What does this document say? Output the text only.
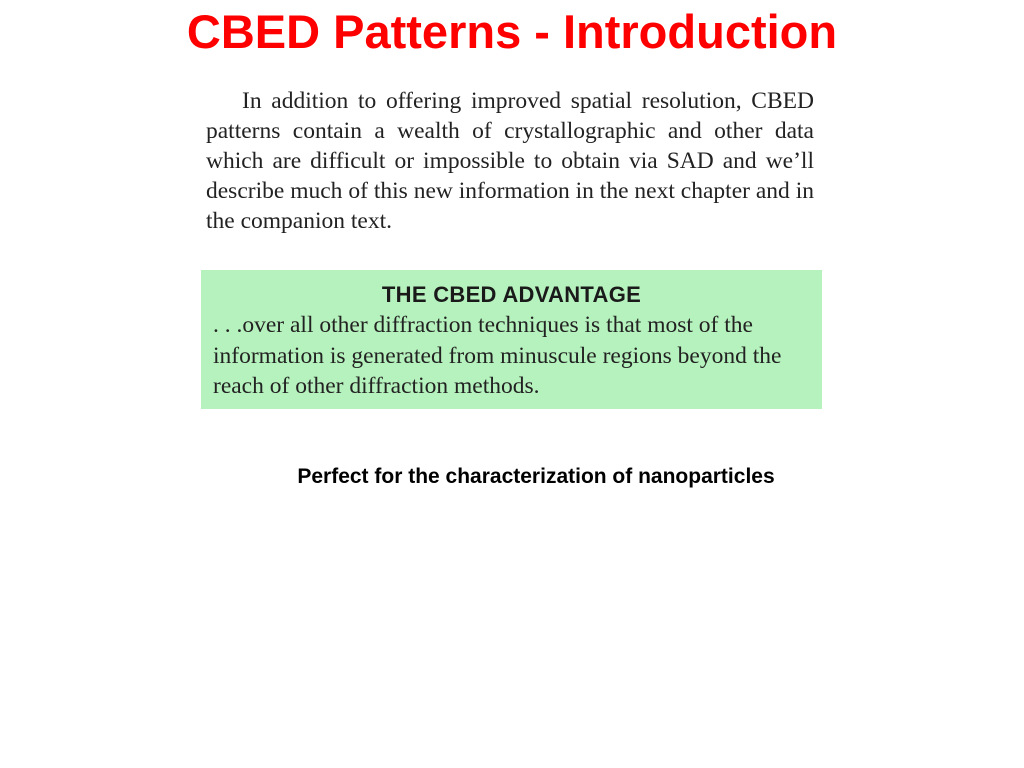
CBED Patterns - Introduction

In addition to offering improved spatial resolution, CBED patterns contain a wealth of crystallographic and other data which are difficult or impossible to obtain via SAD and we’ll describe much of this new information in the next chapter and in the companion text.

THE CBED ADVANTAGE

. . .over all other diffraction techniques is that most of the information is generated from minuscule regions beyond the reach of other diffraction methods.

Perfect for the characterization of nanoparticles
